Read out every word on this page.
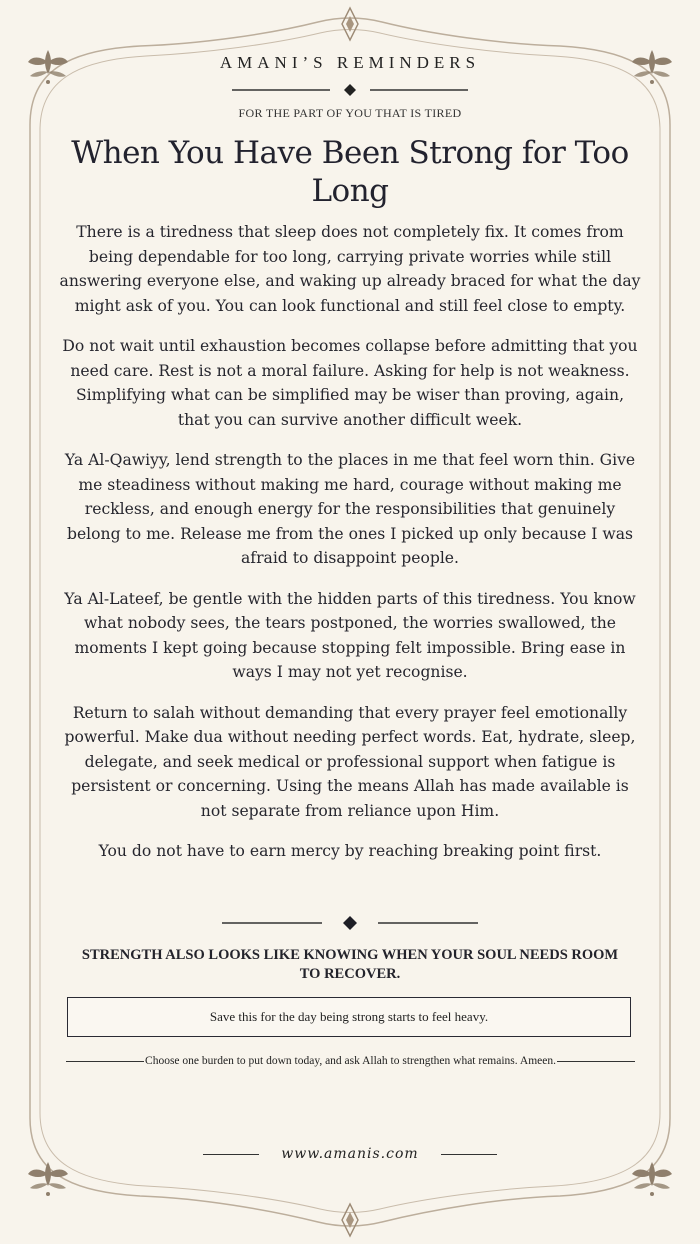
AMANI’S REMINDERS
FOR THE PART OF YOU THAT IS TIRED
When You Have Been Strong for Too Long

There is a tiredness that sleep does not completely fix. It comes from being dependable for too long, carrying private worries while still answering everyone else, and waking up already braced for what the day might ask of you. You can look functional and still feel close to empty.

Do not wait until exhaustion becomes collapse before admitting that you need care. Rest is not a moral failure. Asking for help is not weakness. Simplifying what can be simplified may be wiser than proving, again, that you can survive another difficult week.

Ya Al-Qawiyy, lend strength to the places in me that feel worn thin. Give me steadiness without making me hard, courage without making me reckless, and enough energy for the responsibilities that genuinely belong to me. Release me from the ones I picked up only because I was afraid to disappoint people.

Ya Al-Lateef, be gentle with the hidden parts of this tiredness. You know what nobody sees, the tears postponed, the worries swallowed, the moments I kept going because stopping felt impossible. Bring ease in ways I may not yet recognise.

Return to salah without demanding that every prayer feel emotionally powerful. Make dua without needing perfect words. Eat, hydrate, sleep, delegate, and seek medical or professional support when fatigue is persistent or concerning. Using the means Allah has made available is not separate from reliance upon Him.

You do not have to earn mercy by reaching breaking point first.

STRENGTH ALSO LOOKS LIKE KNOWING WHEN YOUR SOUL NEEDS ROOM TO RECOVER.
Save this for the day being strong starts to feel heavy.
Choose one burden to put down today, and ask Allah to strengthen what remains. Ameen.
www.amanis.com
